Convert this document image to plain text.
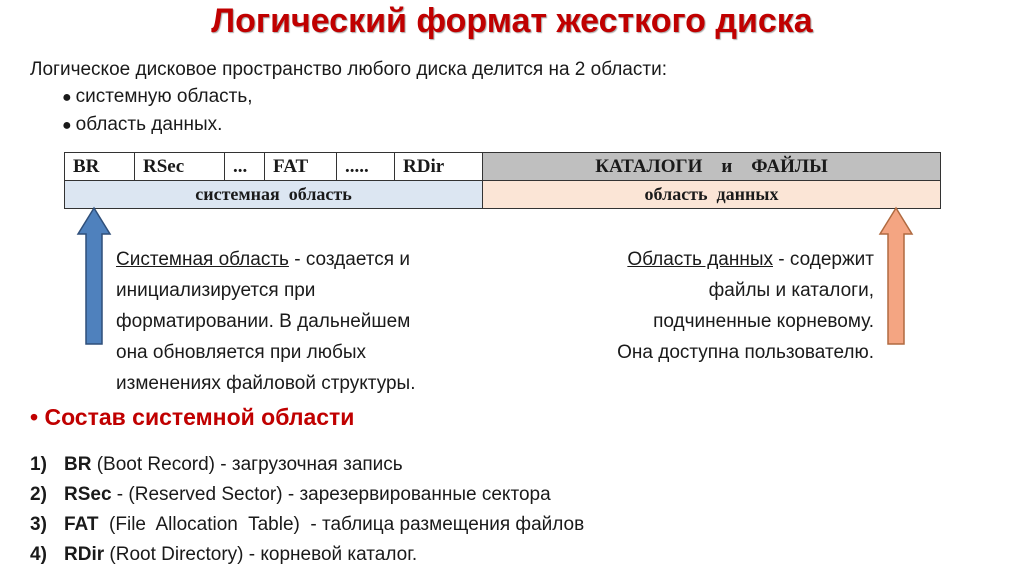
Логический формат жесткого диска
Логическое дисковое пространство любого диска делится на 2 области:
● системную область,
● область данных.
BR	RSec	...	FAT	.....	RDir	КАТАЛОГИ    и    ФАЙЛЫ
системная  область						область  данных
Системная область - создается и
инициализируется при
форматировании. В дальнейшем
она обновляется при любых
изменениях файловой структуры.
Область данных - содержит
файлы и каталоги,
подчиненные корневому.
Она доступна пользователю.
• Состав системной области
1) BR (Boot Record) - загрузочная запись
2) RSec - (Reserved Sector) - зарезервированные сектора
3) FAT  (File  Allocation  Table)  - таблица размещения файлов
4) RDir (Root Directory) - корневой каталог.
